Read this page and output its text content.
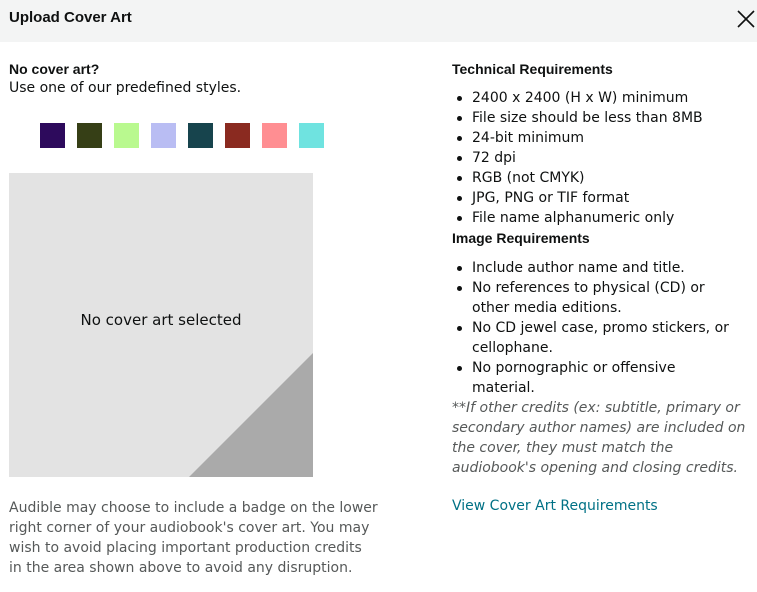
Upload Cover Art
No cover art?
Use one of our predefined styles.
No cover art selected
Audible may choose to include a badge on the lower right corner of your audiobook's cover art. You may wish to avoid placing important production credits in the area shown above to avoid any disruption.
Technical Requirements
2400 x 2400 (H x W) minimum
File size should be less than 8MB
24-bit minimum
72 dpi
RGB (not CMYK)
JPG, PNG or TIF format
File name alphanumeric only
Image Requirements
Include author name and title.
No references to physical (CD) or other media editions.
No CD jewel case, promo stickers, or cellophane.
No pornographic or offensive material.
**If other credits (ex: subtitle, primary or secondary author names) are included on the cover, they must match the audiobook's opening and closing credits.
View Cover Art Requirements
